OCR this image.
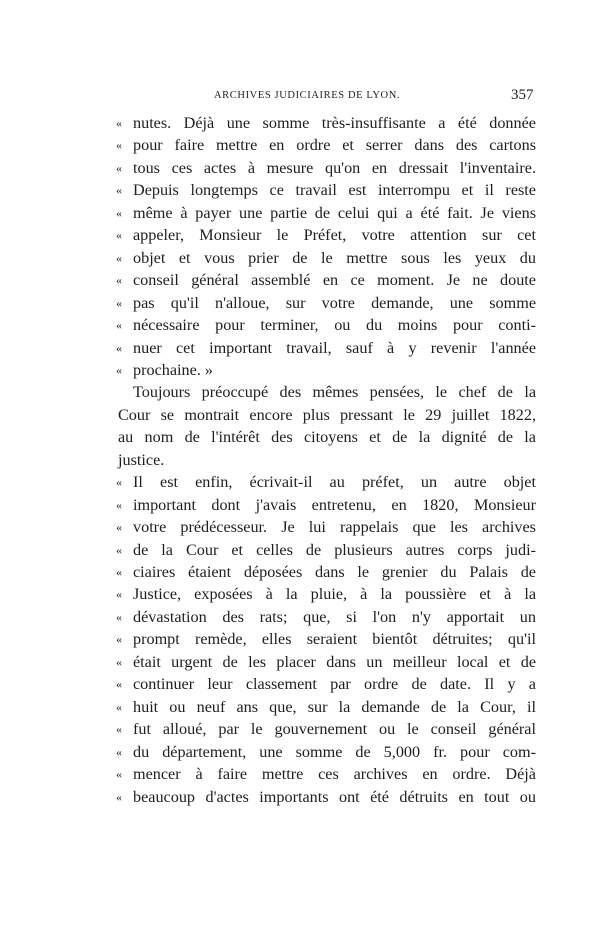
ARCHIVES JUDICIAIRES DE LYON.	357
« nutes. Déjà une somme très-insuffisante a été donnée
« pour faire mettre en ordre et serrer dans des cartons
« tous ces actes à mesure qu'on en dressait l'inventaire.
« Depuis longtemps ce travail est interrompu et il reste
« même à payer une partie de celui qui a été fait. Je viens
« appeler, Monsieur le Préfet, votre attention sur cet
« objet et vous prier de le mettre sous les yeux du
« conseil général assemblé en ce moment. Je ne doute
« pas qu'il n'alloue, sur votre demande, une somme
« nécessaire pour terminer, ou du moins pour conti-
« nuer cet important travail, sauf à y revenir l'année
« prochaine. »
Toujours préoccupé des mêmes pensées, le chef de la
Cour se montrait encore plus pressant le 29 juillet 1822,
au nom de l'intérêt des citoyens et de la dignité de la
justice.
« Il est enfin, écrivait-il au préfet, un autre objet
« important dont j'avais entretenu, en 1820, Monsieur
« votre prédécesseur. Je lui rappelais que les archives
« de la Cour et celles de plusieurs autres corps judi-
« ciaires étaient déposées dans le grenier du Palais de
« Justice, exposées à la pluie, à la poussière et à la
« dévastation des rats; que, si l'on n'y apportait un
« prompt remède, elles seraient bientôt détruites; qu'il
« était urgent de les placer dans un meilleur local et de
« continuer leur classement par ordre de date. Il y a
« huit ou neuf ans que, sur la demande de la Cour, il
« fut alloué, par le gouvernement ou le conseil général
« du département, une somme de 5,000 fr. pour com-
« mencer à faire mettre ces archives en ordre. Déjà
« beaucoup d'actes importants ont été détruits en tout ou
